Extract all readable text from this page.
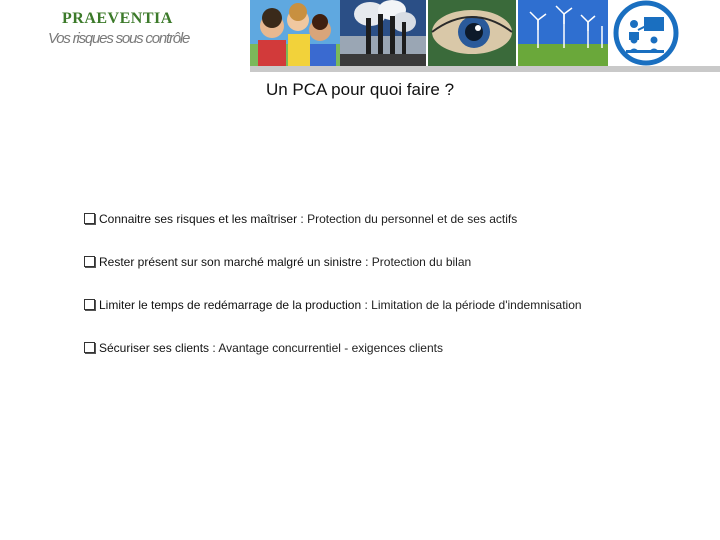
PRAEVENTIA
Vos risques sous contrôle
Un PCA pour quoi faire ?
Connaitre ses risques et les maîtriser : Protection du personnel et de ses actifs
Rester présent sur son marché malgré un sinistre : Protection du bilan
Limiter le temps de redémarrage de la production : Limitation de la période d'indemnisation
Sécuriser ses clients : Avantage concurrentiel - exigences clients
